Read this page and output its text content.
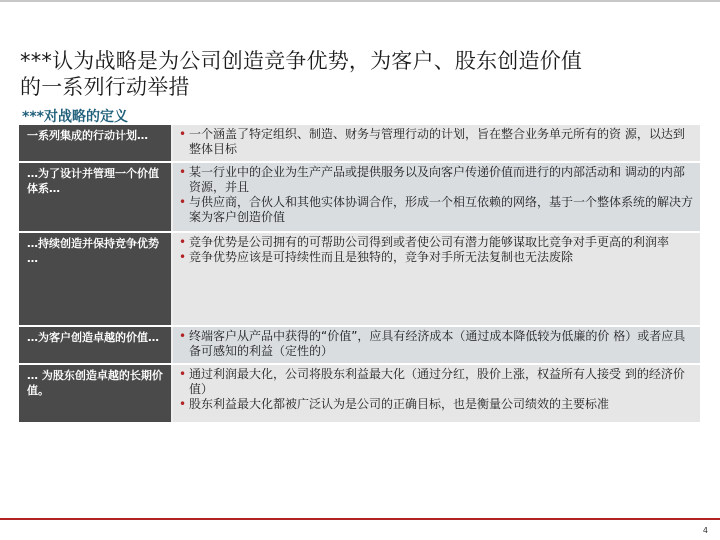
***认为战略是为公司创造竞争优势，为客户、股东创造价值
的一系列行动举措
***对战略的定义
一系列集成的行动计划…	• 一个涵盖了特定组织、制造、财务与管理行动的计划，旨在整合业务单元所有的资 源，以达到整体目标
…为了设计并管理一个价值体系…
• 某一行业中的企业为生产产品或提供服务以及向客户传递价值而进行的内部活动和 调动的内部资源，并且
• 与供应商，合伙人和其他实体协调合作，形成一个相互依赖的网络，基于一个整体系统的解决方案为客户创造价值
…持续创造并保持竞争优势 …
• 竞争优势是公司拥有的可帮助公司得到或者使公司有潜力能够谋取比竞争对手更高的利润率
• 竞争优势应该是可持续性而且是独特的，竞争对手所无法复制也无法废除
…为客户创造卓越的价值…	• 终端客户从产品中获得的“价值”，应具有经济成本（通过成本降低较为低廉的价 格）或者应具备可感知的利益（定性的）
… 为股东创造卓越的长期价值。
• 通过利润最大化，公司将股东利益最大化（通过分红，股价上涨，权益所有人接受 到的经济价值）
• 股东利益最大化都被广泛认为是公司的正确目标，也是衡量公司绩效的主要标准
4
